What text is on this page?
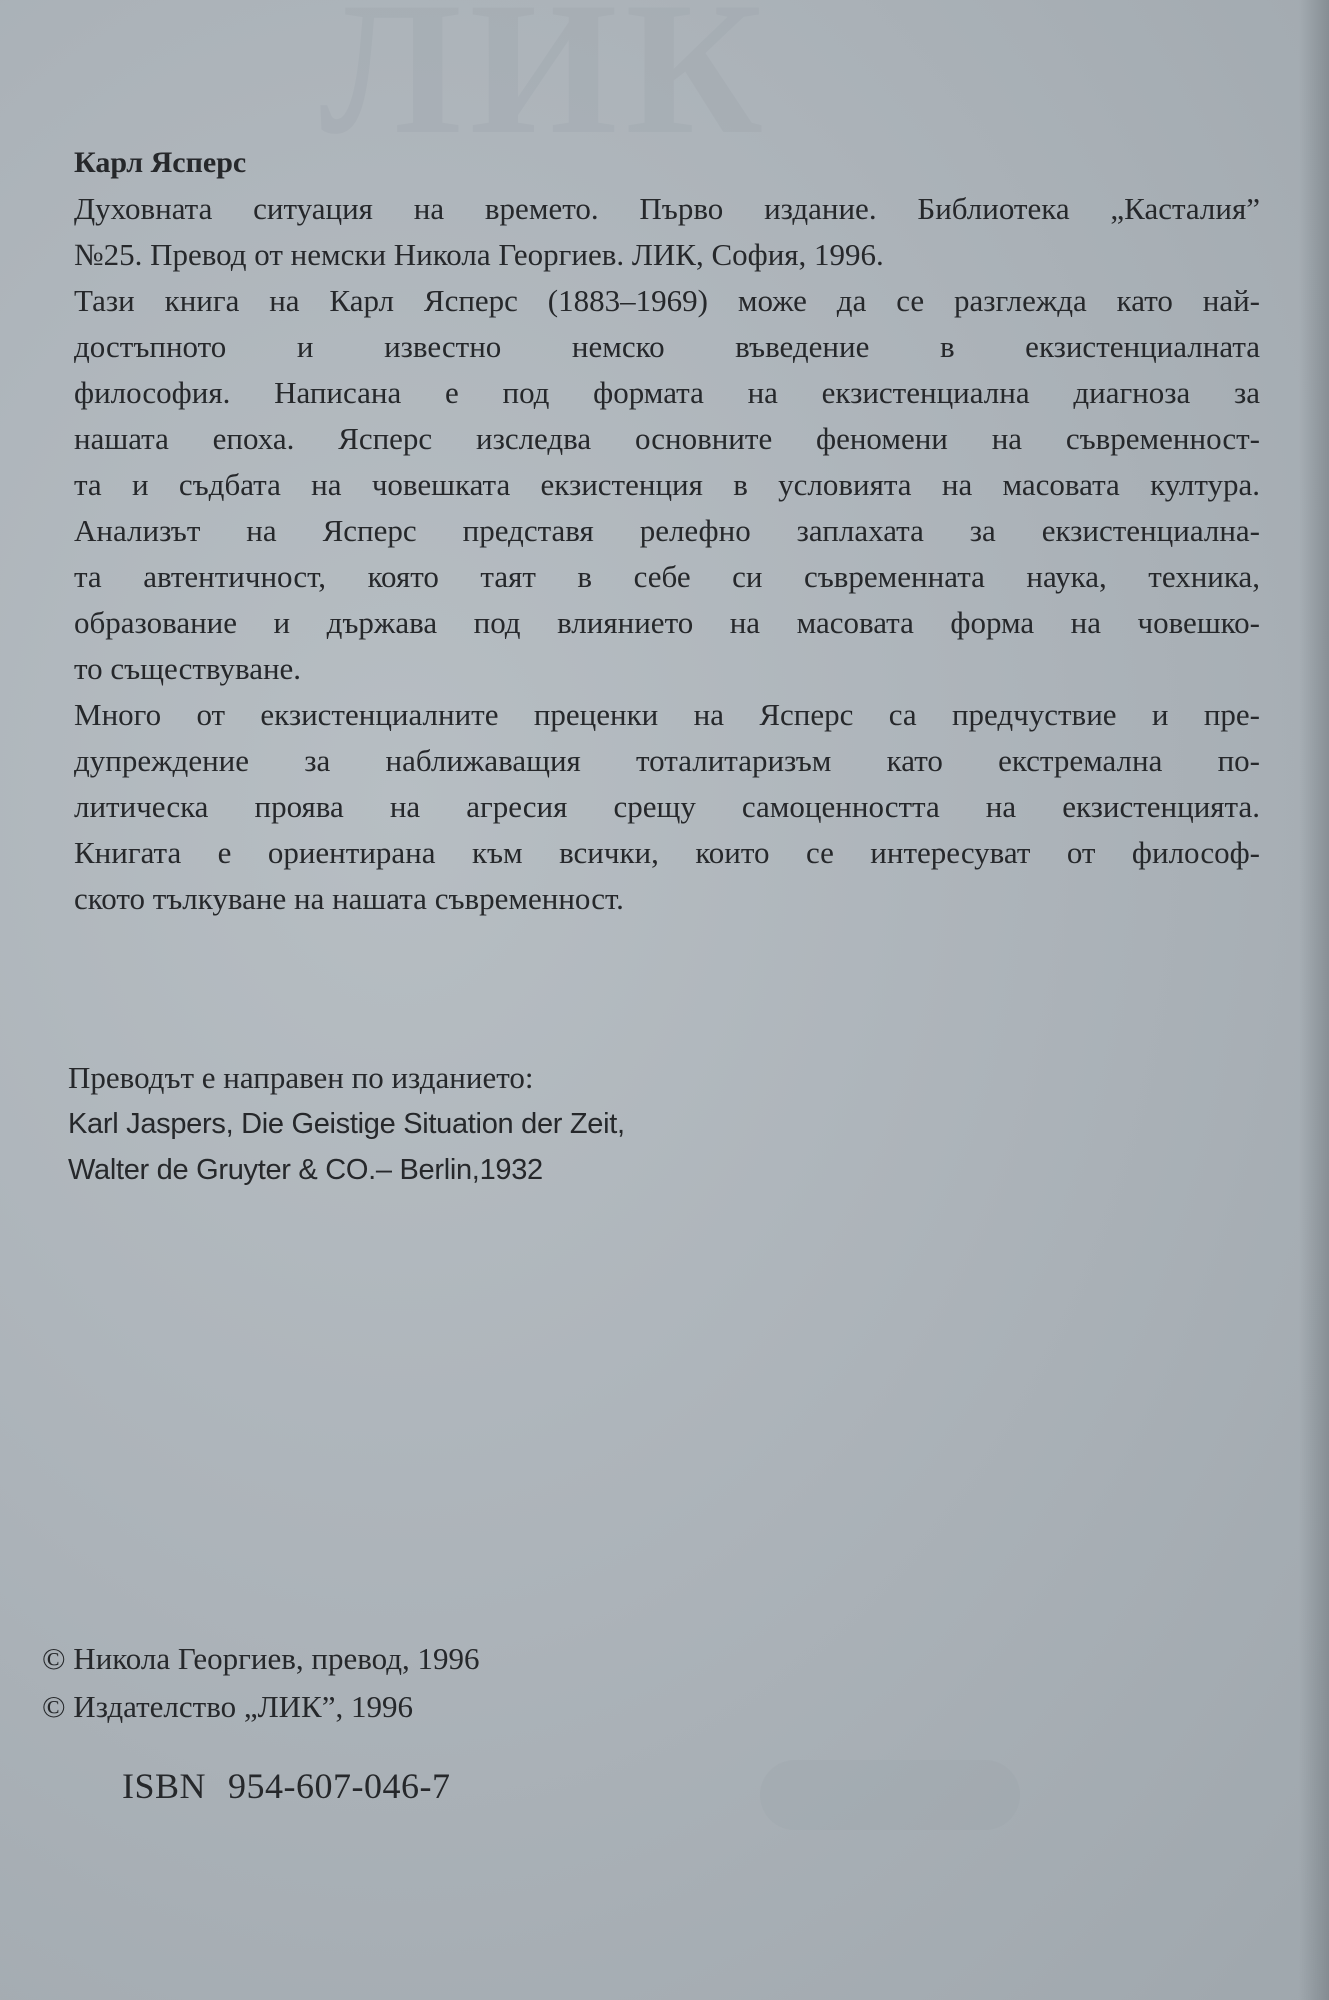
ЛИК

Карл Ясперс

Духовната ситуация на времето. Първо издание. Библиотека „Касталия”
№25. Превод от немски Никола Георгиев. ЛИК, София, 1996.

Тази книга на Карл Ясперс (1883–1969) може да се разглежда като най-
достъпното и известно немско въведение в екзистенциалната
философия. Написана е под формата на екзистенциална диагноза за
нашата епоха. Ясперс изследва основните феномени на съвременност-
та и съдбата на човешката екзистенция в условията на масовата култура.

Анализът на Ясперс представя релефно заплахата за екзистенциална-
та автентичност, която таят в себе си съвременната наука, техника,
образование и държава под влиянието на масовата форма на човешко-
то съществуване.

Много от екзистенциалните преценки на Ясперс са предчуствие и пре-
дупреждение за наближаващия тоталитаризъм като екстремална по-
литическа проява на агресия срещу самоценността на екзистенцията.

Книгата е ориентирана към всички, които се интересуват от философ-
ското тълкуване на нашата съвременност.

Преводът е направен по изданието:
Karl Jaspers, Die Geistige Situation der Zeit,
Walter de Gruyter & CO.– Berlin,1932
© Никола Георгиев, превод, 1996
© Издателство „ЛИК”, 1996
ISBN 954-607-046-7
